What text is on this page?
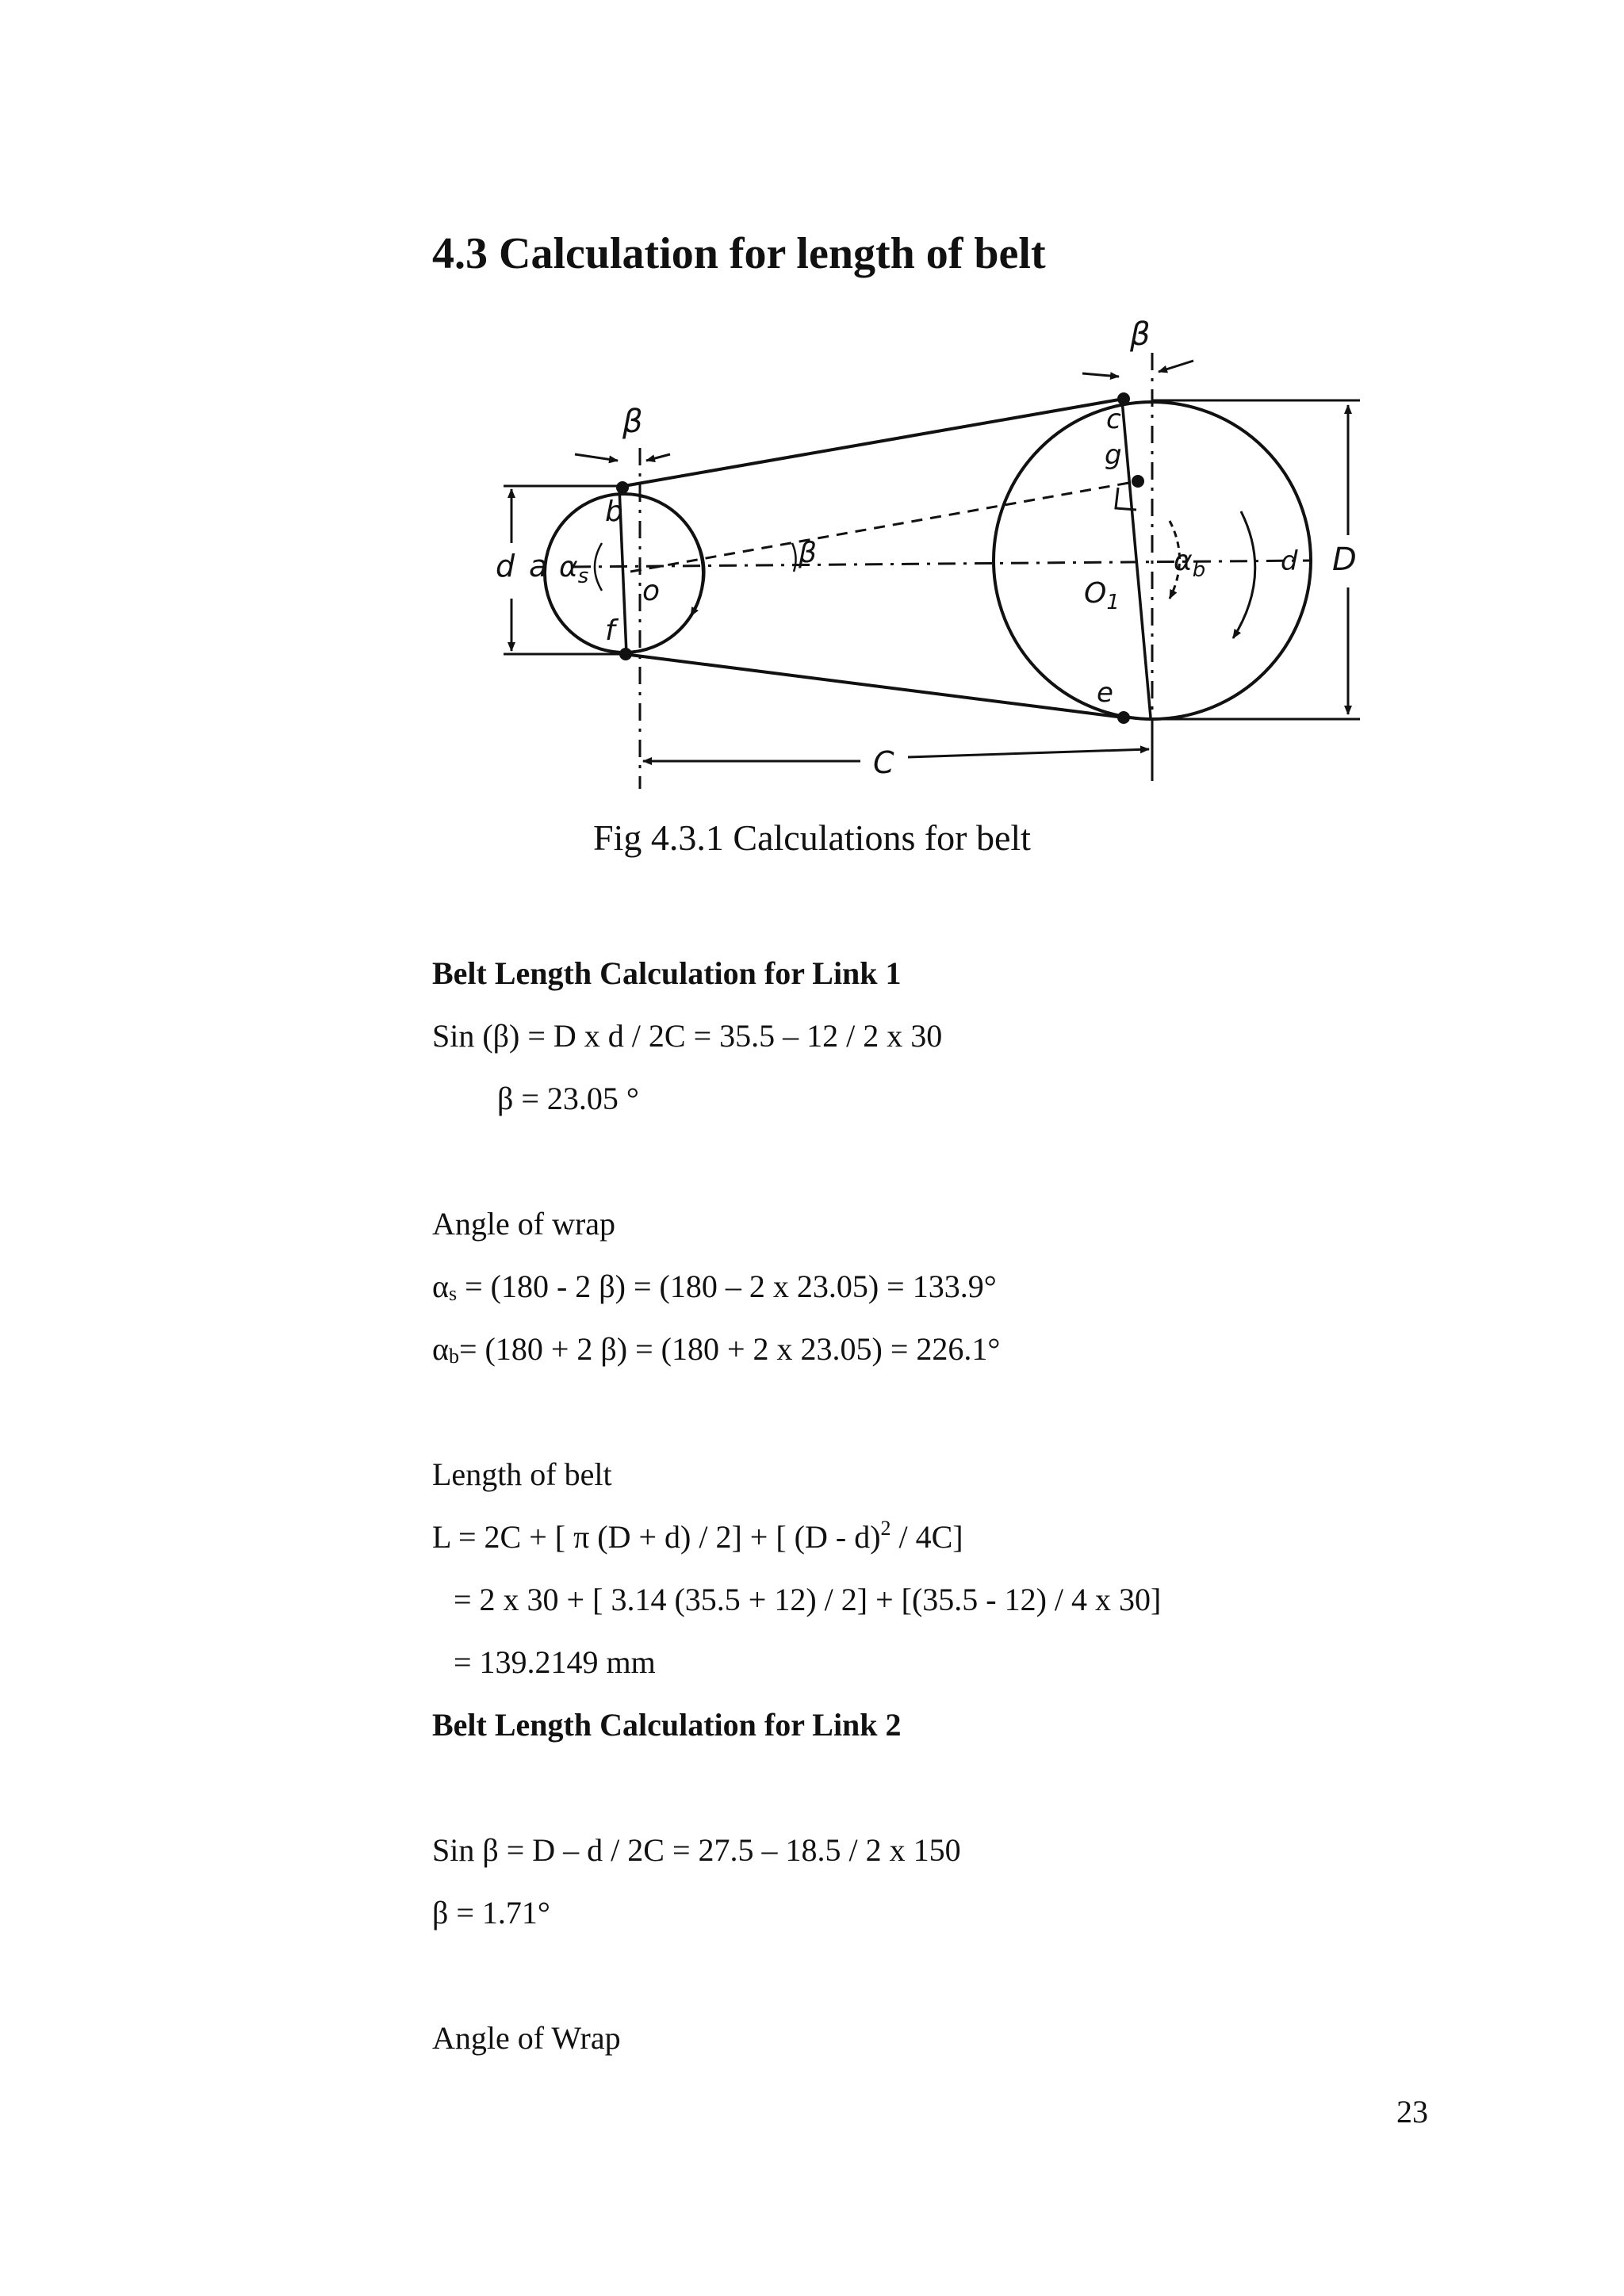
4.3 Calculation for length of belt
β
β
β
d a $\alpha_s$
b
f
o
c
g
e
$O_1$
$\alpha_b$	d D
C
Fig 4.3.1 Calculations for belt
Belt Length Calculation for Link 1
Sin (β) = D x d / 2C = 35.5 – 12 / 2 x 30
β = 23.05 °
Angle of wrap
$\alpha_s = (180 - 2$ β) = (180 – 2 x 23.05) = 133.9°
$\alpha_b= (180 + 2$ β) = (180 + 2 x 23.05) = 226.1°
Length of belt
L = 2C + [ π (D + d) / 2] + [ (D - d)$^2$ / 4C]
= 2 x 30 + [ 3.14 (35.5 + 12) / 2] + [(35.5 - 12) / 4 x 30]
= 139.2149 mm
Belt Length Calculation for Link 2
Sin β = D – d / 2C = 27.5 – 18.5 / 2 x 150
β = 1.71°
Angle of Wrap
23
